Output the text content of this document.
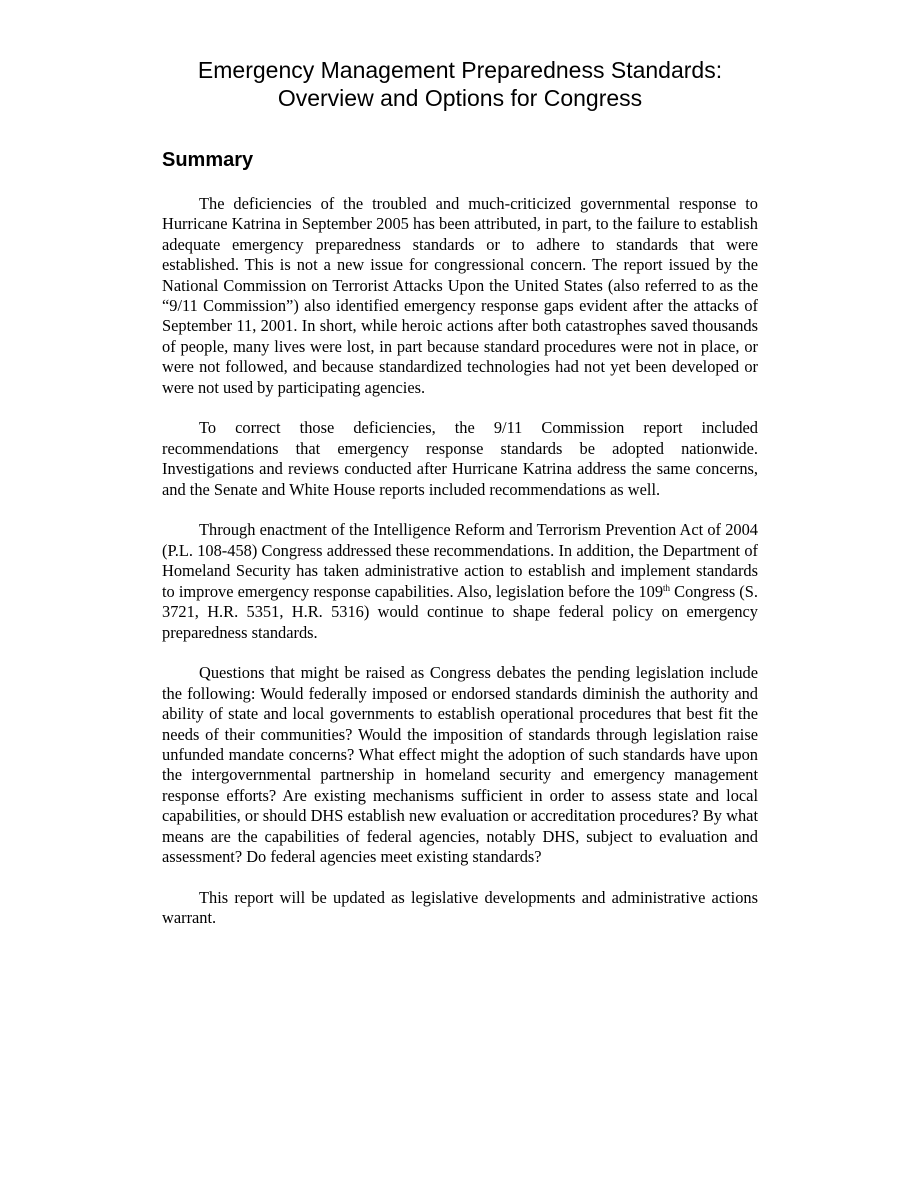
Emergency Management Preparedness Standards:
Overview and Options for Congress
Summary

The deficiencies of the troubled and much-criticized governmental response to Hurricane Katrina in September 2005 has been attributed, in part, to the failure to establish adequate emergency preparedness standards or to adhere to standards that were established. This is not a new issue for congressional concern. The report issued by the National Commission on Terrorist Attacks Upon the United States (also referred to as the “9/11 Commission”) also identified emergency response gaps evident after the attacks of September 11, 2001. In short, while heroic actions after both catastrophes saved thousands of people, many lives were lost, in part because standard procedures were not in place, or were not followed, and because standardized technologies had not yet been developed or were not used by participating agencies.

To correct those deficiencies, the 9/11 Commission report included recommendations that emergency response standards be adopted nationwide. Investigations and reviews conducted after Hurricane Katrina address the same concerns, and the Senate and White House reports included recommendations as well.

Through enactment of the Intelligence Reform and Terrorism Prevention Act of 2004 (P.L. 108-458) Congress addressed these recommendations. In addition, the Department of Homeland Security has taken administrative action to establish and implement standards to improve emergency response capabilities. Also, legislation before the 109th Congress (S. 3721, H.R. 5351, H.R. 5316) would continue to shape federal policy on emergency preparedness standards.

Questions that might be raised as Congress debates the pending legislation include the following: Would federally imposed or endorsed standards diminish the authority and ability of state and local governments to establish operational procedures that best fit the needs of their communities? Would the imposition of standards through legislation raise unfunded mandate concerns? What effect might the adoption of such standards have upon the intergovernmental partnership in homeland security and emergency management response efforts? Are existing mechanisms sufficient in order to assess state and local capabilities, or should DHS establish new evaluation or accreditation procedures? By what means are the capabilities of federal agencies, notably DHS, subject to evaluation and assessment? Do federal agencies meet existing standards?

This report will be updated as legislative developments and administrative actions warrant.
